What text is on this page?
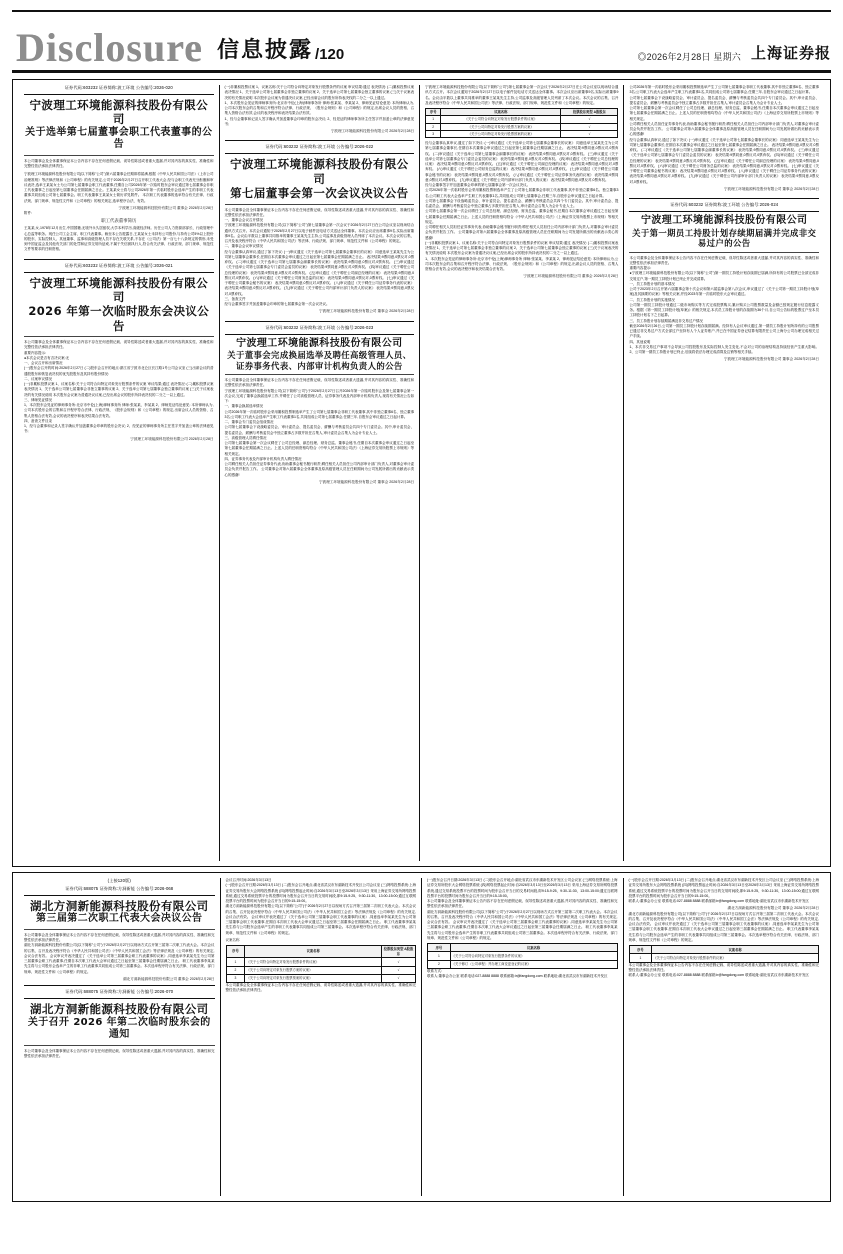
Disclosure 信息披露 /120	◎2026年2月28日 星期六 上海证券报
证券代码:603232 证券简称:波工环境 公告编号:2026-020
宁波理工环境能源科技股份有限公司
关于选举第七届董事会职工代表董事的公告
本公司董事会及全体董事保证本公告内容不存在任何虚假记载、误导性陈述或者重大遗漏,并对其内容的真实性、准确性和完整性依法承担法律责任。
宁波理工环境能源科技股份有限公司(以下简称"公司")第六届董事会任期即将届满,根据《中华人民共和国公司法》《上市公司治理准则》等法律法规和《公司章程》的有关规定,公司于2026年2月27日召开职工代表大会,经与会职工代表充分酝酿和审议表决,选举王某某女士为公司第七届董事会职工代表董事,任期自公司2026年第一次临时股东会审议通过第七届董事会非职工代表董事之日起至第七届董事会任期届满之日止。王某某女士将与公司2026年第一次临时股东会选举产生的非职工代表董事共同组成公司第七届董事会。职工代表董事王某某女士简历详见附件。 本次职工代表董事的选举符合有关法律、行政法规、部门规章、规范性文件和《公司章程》的相关规定,选举程序合法、有效。
宁波理工环境能源科技股份有限公司 董事会 2026年2月28日
附件:
职工代表董事简历
王某某,女,1978年12月出生,中国国籍,无境外永久居留权,大学本科学历,高级经济师。历任公司人力资源部部长、行政管理中心总监等职务。现任公司工会主席、职工代表董事。截至本公告披露日,王某某女士未持有公司股份,与持有公司5%以上股份的股东、实际控制人、其他董事、监事和高级管理人员不存在关联关系,不存在《公司法》第一百七十八条规定的情形,未受到中国证监会及其他有关部门的处罚和证券交易所惩戒,不属于失信被执行人,符合有关法律、行政法规、部门规章、规范性文件等要求的任职资格。
证券代码:603232 证券简称:波工环境 公告编号:2026-021
宁波理工环境能源科技股份有限公司
2026 年第一次临时股东会决议公告
本公司董事会及全体董事保证本公告内容不存在任何虚假记载、误导性陈述或者重大遗漏,并对其内容的真实性、准确性和完整性依法承担法律责任。
重要内容提示:
●本次会议是否有否决议案:无
一、会议召开和出席情况
(一)股东会召开的时间:2026年2月27日 (二)股东会召开的地点:浙江省宁波市北仑区长江路1号公司会议室 (三)出席会议的普通股股东和恢复表决权的优先股股东及其持有股份情况:
二、议案审议情况
(一)非累积投票议案 1、议案名称:关于公司符合向特定对象发行股票条件的议案 审议结果:通过 表决情况: (二)累积投票议案表决情况 1、关于选举公司第七届董事会非独立董事的议案 2、关于选举公司第七届董事会独立董事的议案 (三)关于议案表决的有关情况说明 本次股东会议案为普通决议议案,已经出席会议的股东所持表决权的二分之一以上通过。
三、律师见证情况
1、本次股东会见证的律师事务所:北京市中伦(上海)律师事务所 律师:张某某、李某某 2、律师见证结论意见: 本所律师认为,公司本次股东会的召集和召开程序符合法律、行政法规、《股东会规则》和《公司章程》的规定,出席会议人员的资格、召集人资格合法有效,会议的表决程序和表决结果合法有效。
四、备查文件目录
1、经与会董事和记录人签字确认并加盖董事会印章的股东会决议; 2、经见证的律师事务所主任签字并加盖公章的法律意见书;
宁波理工环境能源科技股份有限公司 2026年2月28日
(一)非累积投票议案 1、议案名称:关于公司符合向特定对象发行股票条件的议案 审议结果:通过 表决情况: (二)累积投票议案表决情况 1、关于选举公司第七届董事会非独立董事的议案 2、关于选举公司第七届董事会独立董事的议案 (三)关于议案表决的有关情况说明 本次股东会议案为普通决议议案,已经出席会议的股东所持表决权的二分之一以上通过。
1、本次股东会见证的律师事务所:北京市中伦(上海)律师事务所 律师:张某某、李某某 2、律师见证结论意见: 本所律师认为,公司本次股东会的召集和召开程序符合法律、行政法规、《股东会规则》和《公司章程》的规定,出席会议人员的资格、召集人资格合法有效,会议的表决程序和表决结果合法有效。
1、经与会董事和记录人签字确认并加盖董事会印章的股东会决议; 2、经见证的律师事务所主任签字并加盖公章的法律意见书;
宁波理工环境能源科技股份有限公司 2026年2月28日
证券代码:603232 证券简称:波工环境 公告编号:2026-022
宁波理工环境能源科技股份有限公司
第七届董事会第一次会议决议公告
本公司董事会及全体董事保证本公告内容不存在任何虚假记载、误导性陈述或者重大遗漏,并对其内容的真实性、准确性和完整性依法承担法律责任。
一、董事会会议召开情况
宁波理工环境能源科技股份有限公司(以下简称"公司")第七届董事会第一次会议于2026年2月27日在公司会议室以现场结合通讯方式召开。本次会议通知于2026年2月27日以电子邮件及电话方式送达全体董事。本次会议应出席董事9名,实际出席董事9名。会议由半数以上董事共同推举的董事王某某先生主持,公司监事及高级管理人员列席了本次会议。本次会议的召集、召开及表决程序符合《中华人民共和国公司法》等法律、行政法规、部门规章、规范性文件和《公司章程》的规定。
二、董事会会议审议情况
经与会董事认真审议,通过了如下决议: (一)审议通过《关于选举公司第七届董事会董事长的议案》 同意选举王某某先生为公司第七届董事会董事长,任期自本次董事会审议通过之日起至第七届董事会任期届满之日止。 表决结果:9票同意,0票反对,0票弃权。 (二)审议通过《关于选举公司第七届董事会副董事长的议案》 表决结果:9票同意,0票反对,0票弃权。 (三)审议通过《关于选举公司第七届董事会专门委员会委员的议案》 表决结果:9票同意,0票反对,0票弃权。 (四)审议通过《关于聘任公司总经理的议案》 表决结果:9票同意,0票反对,0票弃权。 (五)审议通过《关于聘任公司副总经理的议案》 表决结果:9票同意,0票反对,0票弃权。 (六)审议通过《关于聘任公司财务总监的议案》 表决结果:9票同意,0票反对,0票弃权。 (七)审议通过《关于聘任公司董事会秘书的议案》 表决结果:9票同意,0票反对,0票弃权。 (八)审议通过《关于聘任公司证券事务代表的议案》 表决结果:9票同意,0票反对,0票弃权。 (九)审议通过《关于聘任公司内部审计部门负责人的议案》 表决结果:9票同意,0票反对,0票弃权。
三、备查文件
经与会董事签字并加盖董事会印章的第七届董事会第一次会议决议。
宁波理工环境能源科技股份有限公司 董事会 2026年2月28日
证券代码:603232 证券简称:波工环境 公告编号:2026-023
宁波理工环境能源科技股份有限公司
关于董事会完成换届选举及聘任高级管理人员、证券事务代表、内部审计机构负责人的公告
本公司董事会及全体董事保证本公告内容不存在任何虚假记载、误导性陈述或者重大遗漏,并对其内容的真实性、准确性和完整性依法承担法律责任。
宁波理工环境能源科技股份有限公司(以下简称"公司")于2026年2月27日召开2026年第一次临时股东会及第七届董事会第一次会议,完成了董事会换届选举工作,并聘任了公司高级管理人员、证券事务代表及内部审计机构负责人,现将有关情况公告如下:
一、董事会换届选举情况
公司2026年第一次临时股东会采用累积投票制选举产生了公司第七届董事会非职工代表董事,其中非独立董事6名、独立董事3名;公司职工代表大会选举产生职工代表董事1名,共同组成公司第七届董事会,任期三年,自股东会审议通过之日起计算。
二、董事会专门委员会组成情况
公司第七届董事会下设战略委员会、审计委员会、提名委员会、薪酬与考核委员会共四个专门委员会。其中,审计委员会、提名委员会、薪酬与考核委员会中独立董事占多数并担任召集人,审计委员会召集人为会计专业人士。
三、高级管理人员聘任情况
公司第七届董事会第一次会议聘任了公司总经理、副总经理、财务总监、董事会秘书,任期自本次董事会审议通过之日起至第七届董事会任期届满之日止。上述人员的任职资格均符合《中华人民共和国公司法》《上海证券交易所股票上市规则》等相关规定。
四、证券事务代表及内部审计机构负责人聘任情况
公司聘任相关人员担任证券事务代表,协助董事会秘书履行职责;聘任相关人员担任公司内部审计部门负责人,对董事会审计委员会负责并报告工作。 公司董事会对第六届董事会全体董事及原高级管理人员在任职期间为公司发展所做出的贡献表示衷心的感谢!
宁波理工环境能源科技股份有限公司 董事会 2026年2月28日
宁波理工环境能源科技股份有限公司(以下简称"公司")第七届董事会第一次会议于2026年2月27日在公司会议室以现场结合通讯方式召开。本次会议通知于2026年2月27日以电子邮件及电话方式送达全体董事。本次会议应出席董事9名,实际出席董事9名。会议由半数以上董事共同推举的董事王某某先生主持,公司监事及高级管理人员列席了本次会议。本次会议的召集、召开及表决程序符合《中华人民共和国公司法》等法律、行政法规、部门规章、规范性文件和《公司章程》的规定。
序号	议案名称	投票股东类型 A股股东
1	《关于公司符合向特定对象发行股票条件的议案》	√
2	《关于公司向特定对象发行股票方案的议案》	√
3	《关于公司向特定对象发行股票预案的议案》	√
经与会董事认真审议,通过了如下决议: (一)审议通过《关于选举公司第七届董事会董事长的议案》 同意选举王某某先生为公司第七届董事会董事长,任期自本次董事会审议通过之日起至第七届董事会任期届满之日止。 表决结果:9票同意,0票反对,0票弃权。 (二)审议通过《关于选举公司第七届董事会副董事长的议案》 表决结果:9票同意,0票反对,0票弃权。 (三)审议通过《关于选举公司第七届董事会专门委员会委员的议案》 表决结果:9票同意,0票反对,0票弃权。 (四)审议通过《关于聘任公司总经理的议案》 表决结果:9票同意,0票反对,0票弃权。 (五)审议通过《关于聘任公司副总经理的议案》 表决结果:9票同意,0票反对,0票弃权。 (六)审议通过《关于聘任公司财务总监的议案》 表决结果:9票同意,0票反对,0票弃权。 (七)审议通过《关于聘任公司董事会秘书的议案》 表决结果:9票同意,0票反对,0票弃权。 (八)审议通过《关于聘任公司证券事务代表的议案》 表决结果:9票同意,0票反对,0票弃权。 (九)审议通过《关于聘任公司内部审计部门负责人的议案》 表决结果:9票同意,0票反对,0票弃权。
经与会董事签字并加盖董事会印章的第七届董事会第一次会议决议。
公司2026年第一次临时股东会采用累积投票制选举产生了公司第七届董事会非职工代表董事,其中非独立董事6名、独立董事3名;公司职工代表大会选举产生职工代表董事1名,共同组成公司第七届董事会,任期三年,自股东会审议通过之日起计算。
公司第七届董事会下设战略委员会、审计委员会、提名委员会、薪酬与考核委员会共四个专门委员会。其中,审计委员会、提名委员会、薪酬与考核委员会中独立董事占多数并担任召集人,审计委员会召集人为会计专业人士。
公司第七届董事会第一次会议聘任了公司总经理、副总经理、财务总监、董事会秘书,任期自本次董事会审议通过之日起至第七届董事会任期届满之日止。上述人员的任职资格均符合《中华人民共和国公司法》《上海证券交易所股票上市规则》等相关规定。
公司聘任相关人员担任证券事务代表,协助董事会秘书履行职责;聘任相关人员担任公司内部审计部门负责人,对董事会审计委员会负责并报告工作。 公司董事会对第六届董事会全体董事及原高级管理人员在任职期间为公司发展所做出的贡献表示衷心的感谢!
(一)非累积投票议案 1、议案名称:关于公司符合向特定对象发行股票条件的议案 审议结果:通过 表决情况: (二)累积投票议案表决情况 1、关于选举公司第七届董事会非独立董事的议案 2、关于选举公司第七届董事会独立董事的议案 (三)关于议案表决的有关情况说明 本次股东会议案为普通决议议案,已经出席会议的股东所持表决权的二分之一以上通过。
1、本次股东会见证的律师事务所:北京市中伦(上海)律师事务所 律师:张某某、李某某 2、律师见证结论意见: 本所律师认为,公司本次股东会的召集和召开程序符合法律、行政法规、《股东会规则》和《公司章程》的规定,出席会议人员的资格、召集人资格合法有效,会议的表决程序和表决结果合法有效。
宁波理工环境能源科技股份有限公司 董事会 2026年2月28日
公司2026年第一次临时股东会采用累积投票制选举产生了公司第七届董事会非职工代表董事,其中非独立董事6名、独立董事3名;公司职工代表大会选举产生职工代表董事1名,共同组成公司第七届董事会,任期三年,自股东会审议通过之日起计算。
公司第七届董事会下设战略委员会、审计委员会、提名委员会、薪酬与考核委员会共四个专门委员会。其中,审计委员会、提名委员会、薪酬与考核委员会中独立董事占多数并担任召集人,审计委员会召集人为会计专业人士。
公司第七届董事会第一次会议聘任了公司总经理、副总经理、财务总监、董事会秘书,任期自本次董事会审议通过之日起至第七届董事会任期届满之日止。上述人员的任职资格均符合《中华人民共和国公司法》《上海证券交易所股票上市规则》等相关规定。
公司聘任相关人员担任证券事务代表,协助董事会秘书履行职责;聘任相关人员担任公司内部审计部门负责人,对董事会审计委员会负责并报告工作。 公司董事会对第六届董事会全体董事及原高级管理人员在任职期间为公司发展所做出的贡献表示衷心的感谢!
经与会董事认真审议,通过了如下决议: (一)审议通过《关于选举公司第七届董事会董事长的议案》 同意选举王某某先生为公司第七届董事会董事长,任期自本次董事会审议通过之日起至第七届董事会任期届满之日止。 表决结果:9票同意,0票反对,0票弃权。 (二)审议通过《关于选举公司第七届董事会副董事长的议案》 表决结果:9票同意,0票反对,0票弃权。 (三)审议通过《关于选举公司第七届董事会专门委员会委员的议案》 表决结果:9票同意,0票反对,0票弃权。 (四)审议通过《关于聘任公司总经理的议案》 表决结果:9票同意,0票反对,0票弃权。 (五)审议通过《关于聘任公司副总经理的议案》 表决结果:9票同意,0票反对,0票弃权。 (六)审议通过《关于聘任公司财务总监的议案》 表决结果:9票同意,0票反对,0票弃权。 (七)审议通过《关于聘任公司董事会秘书的议案》 表决结果:9票同意,0票反对,0票弃权。 (八)审议通过《关于聘任公司证券事务代表的议案》 表决结果:9票同意,0票反对,0票弃权。 (九)审议通过《关于聘任公司内部审计部门负责人的议案》 表决结果:9票同意,0票反对,0票弃权。
宁波理工环境能源科技股份有限公司 董事会 2026年2月28日
证券代码:603232 证券简称:波工环境 公告编号:2026-024
宁波理工环境能源科技股份有限公司
关于第一期员工持股计划存续期届满并完成非交易过户的公告
本公司董事会及全体董事保证本公告内容不存在任何虚假记载、误导性陈述或者重大遗漏,并对其内容的真实性、准确性和完整性依法承担法律责任。
重要内容提示:
●宁波理工环境能源科技股份有限公司(以下简称"公司")第一期员工持股计划存续期已届满,所持有的公司股票已全部完成非交易过户,第一期员工持股计划已终止并完成清算。
一、员工持股计划的基本情况
公司于2023年2月召开第六届董事会第十次会议和第六届监事会第八次会议,审议通过了《关于公司第一期员工持股计划(草案)及其摘要的议案》等相关议案,并经2023年第一次临时股东大会审议通过。
二、员工持股计划的实施情况
公司第一期员工持股计划通过二级市场购买等方式完成股票购买,累计购买公司股票数量及金额已按规定履行信息披露义务。根据《第一期员工持股计划(草案)》的相关规定,本次员工持股计划的存续期为36个月,自公司公告标的股票过户至本员工持股计划名下之日起算。
三、员工持股计划存续期届满及非交易过户情况
截至2026年2月26日,公司第一期员工持股计划存续期届满。经持有人会议审议通过,第一期员工持股计划所持有的公司股票已通过非交易过户方式全部过户至持有人个人证券账户,并已在中国证券登记结算有限责任公司上海分公司办理完成相关过户手续。
四、其他说明
1、本次非交易过户事项不会导致公司控股股东及实际控制人发生变化,不会对公司的治理结构及持续经营产生重大影响。 2、公司第一期员工持股计划已终止,后续将依法办理完成清算及注销等相关手续。
宁波理工环境能源科技股份有限公司 董事会 2026年2月28日
(上接120版)
证券代码:688075 证券简称:方洞新能 公告编号:2026-068
湖北方洞新能源科技股份有限公司
第三届第二次职工代表大会决议公告
本公司董事会及全体董事保证本公告内容不存在任何虚假记载、误导性陈述或者重大遗漏,并对其内容的真实性、准确性和完整性依法承担法律责任。
湖北方洞新能源科技股份有限公司(以下简称"公司")于2026年2月27日以现场方式召开第三届第二次职工代表大会。本次会议的召集、召开及表决程序符合《中华人民共和国公司法》《中华人民共和国工会法》等法律法规及《公司章程》的有关规定,会议合法有效。 会议审议并表决通过了《关于选举公司第三届董事会职工代表董事的议案》,同意选举李某某先生为公司第三届董事会职工代表董事,任期自本次职工代表大会审议通过之日起至第三届董事会任期届满之日止。 职工代表董事李某某先生将与公司股东会选举产生的非职工代表董事共同组成公司第三届董事会。本次选举程序符合有关法律、行政法规、部门规章、规范性文件和《公司章程》的规定。
湖北方洞新能源科技股份有限公司 董事会 2026年2月28日
证券代码:688075 证券简称:方洞新能 公告编号:2026-070
湖北方洞新能源科技股份有限公司
关于召开 2026 年第二次临时股东会的通知
本公司董事会及全体董事保证本公告内容不存在任何虚假记载、误导性陈述或者重大遗漏,并对其内容的真实性、准确性和完整性依法承担法律责任。
会议召开时间:2026年3月13日
(一)股东会召开日期:2026年3月13日 (二)股东会召开地点:湖北省武汉市东湖新技术开发区公司会议室 (三)网络投票系统:上海证券交易所股东大会网络投票系统 (四)网络投票起止时间:自2026年3月13日至2026年3月13日 采用上海证券交易所网络投票系统,通过交易系统投票平台的投票时间为股东会召开当日的交易时间段,即9:15-9:25、9:30-11:30、13:00-15:00;通过互联网投票平台的投票时间为股东会召开当日的9:15-15:00。
湖北方洞新能源科技股份有限公司(以下简称"公司")于2026年2月27日以现场方式召开第三届第二次职工代表大会。本次会议的召集、召开及表决程序符合《中华人民共和国公司法》《中华人民共和国工会法》等法律法规及《公司章程》的有关规定,会议合法有效。 会议审议并表决通过了《关于选举公司第三届董事会职工代表董事的议案》,同意选举李某某先生为公司第三届董事会职工代表董事,任期自本次职工代表大会审议通过之日起至第三届董事会任期届满之日止。 职工代表董事李某某先生将与公司股东会选举产生的非职工代表董事共同组成公司第三届董事会。本次选举程序符合有关法律、行政法规、部门规章、规范性文件和《公司章程》的规定。
议案名称
序号	议案名称	投票股东类型 A股股东
1	《关于公司符合向特定对象发行股票条件的议案》	√
2	《关于公司向特定对象发行股票方案的议案》	√
3	《关于公司向特定对象发行股票预案的议案》	√
本公司董事会及全体董事保证本公告内容不存在任何虚假记载、误导性陈述或者重大遗漏,并对其内容的真实性、准确性和完整性依法承担法律责任。
(一)股东会召开日期:2026年3月13日 (二)股东会召开地点:湖北省武汉市东湖新技术开发区公司会议室 (三)网络投票系统:上海证券交易所股东大会网络投票系统 (四)网络投票起止时间:自2026年3月13日至2026年3月13日 采用上海证券交易所网络投票系统,通过交易系统投票平台的投票时间为股东会召开当日的交易时间段,即9:15-9:25、9:30-11:30、13:00-15:00;通过互联网投票平台的投票时间为股东会召开当日的9:15-15:00。
本公司董事会及全体董事保证本公告内容不存在任何虚假记载、误导性陈述或者重大遗漏,并对其内容的真实性、准确性和完整性依法承担法律责任。
湖北方洞新能源科技股份有限公司(以下简称"公司")于2026年2月27日以现场方式召开第三届第二次职工代表大会。本次会议的召集、召开及表决程序符合《中华人民共和国公司法》《中华人民共和国工会法》等法律法规及《公司章程》的有关规定,会议合法有效。 会议审议并表决通过了《关于选举公司第三届董事会职工代表董事的议案》,同意选举李某某先生为公司第三届董事会职工代表董事,任期自本次职工代表大会审议通过之日起至第三届董事会任期届满之日止。 职工代表董事李某某先生将与公司股东会选举产生的非职工代表董事共同组成公司第三届董事会。本次选举程序符合有关法律、行政法规、部门规章、规范性文件和《公司章程》的规定。
序号	议案名称
1	《关于公司符合向特定对象发行股票条件的议案》
2	《关于修订〈公司章程〉并办理工商变更登记的议案》
联系方式:
联系人:董事会办公室 联系电话:027-8888 8888 联系邮箱:ir@fangdong.com 联系地址:湖北省武汉市东湖新技术开发区
(一)股东会召开日期:2026年3月13日 (二)股东会召开地点:湖北省武汉市东湖新技术开发区公司会议室 (三)网络投票系统:上海证券交易所股东大会网络投票系统 (四)网络投票起止时间:自2026年3月13日至2026年3月13日 采用上海证券交易所网络投票系统,通过交易系统投票平台的投票时间为股东会召开当日的交易时间段,即9:15-9:25、9:30-11:30、13:00-15:00;通过互联网投票平台的投票时间为股东会召开当日的9:15-15:00。
联系人:董事会办公室 联系电话:027-8888 8888 联系邮箱:ir@fangdong.com 联系地址:湖北省武汉市东湖新技术开发区
湖北方洞新能源科技股份有限公司 董事会 2026年2月28日
湖北方洞新能源科技股份有限公司(以下简称"公司")于2026年2月27日以现场方式召开第三届第二次职工代表大会。本次会议的召集、召开及表决程序符合《中华人民共和国公司法》《中华人民共和国工会法》等法律法规及《公司章程》的有关规定,会议合法有效。 会议审议并表决通过了《关于选举公司第三届董事会职工代表董事的议案》,同意选举李某某先生为公司第三届董事会职工代表董事,任期自本次职工代表大会审议通过之日起至第三届董事会任期届满之日止。 职工代表董事李某某先生将与公司股东会选举产生的非职工代表董事共同组成公司第三届董事会。本次选举程序符合有关法律、行政法规、部门规章、规范性文件和《公司章程》的规定。
序号	议案名称
1	《关于公司符合向特定对象发行股票条件的议案》
本公司董事会及全体董事保证本公告内容不存在任何虚假记载、误导性陈述或者重大遗漏,并对其内容的真实性、准确性和完整性依法承担法律责任。
联系人:董事会办公室 联系电话:027-8888 8888 联系邮箱:ir@fangdong.com 联系地址:湖北省武汉市东湖新技术开发区
